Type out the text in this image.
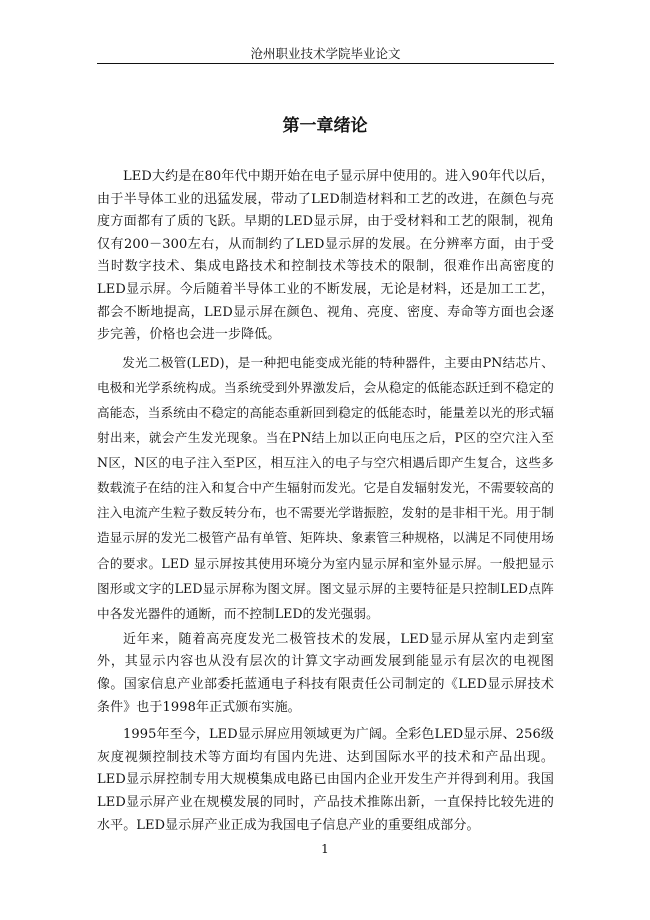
沧州职业技术学院毕业论文
第一章绪论

LED大约是在80年代中期开始在电子显示屏中使用的。进入90年代以后，由于半导体工业的迅猛发展，带动了LED制造材料和工艺的改进，在颜色与亮度方面都有了质的飞跃。早期的LED显示屏，由于受材料和工艺的限制，视角仅有200－300左右，从而制约了LED显示屏的发展。在分辨率方面，由于受当时数字技术、集成电路技术和控制技术等技术的限制，很难作出高密度的LED显示屏。今后随着半导体工业的不断发展，无论是材料，还是加工工艺，都会不断地提高，LED显示屏在颜色、视角、亮度、密度、寿命等方面也会逐步完善，价格也会进一步降低。

发光二极管(LED)，是一种把电能变成光能的特种器件，主要由PN结芯片、电极和光学系统构成。当系统受到外界激发后，会从稳定的低能态跃迁到不稳定的高能态，当系统由不稳定的高能态重新回到稳定的低能态时，能量差以光的形式辐射出来，就会产生发光现象。当在PN结上加以正向电压之后，P区的空穴注入至N区，N区的电子注入至P区，相互注入的电子与空穴相遇后即产生复合，这些多数载流子在结的注入和复合中产生辐射而发光。它是自发辐射发光，不需要较高的注入电流产生粒子数反转分布，也不需要光学谐振腔，发射的是非相干光。用于制造显示屏的发光二极管产品有单管、矩阵块、象素管三种规格，以满足不同使用场合的要求。LED 显示屏按其使用环境分为室内显示屏和室外显示屏。一般把显示图形或文字的LED显示屏称为图文屏。图文显示屏的主要特征是只控制LED点阵中各发光器件的通断，而不控制LED的发光强弱。

近年来，随着高亮度发光二极管技术的发展，LED显示屏从室内走到室外，其显示内容也从没有层次的计算文字动画发展到能显示有层次的电视图像。国家信息产业部委托蓝通电子科技有限责任公司制定的《LED显示屏技术条件》也于1998年正式颁布实施。

1995年至今，LED显示屏应用领域更为广阔。全彩色LED显示屏、256级灰度视频控制技术等方面均有国内先进、达到国际水平的技术和产品出现。LED显示屏控制专用大规模集成电路已由国内企业开发生产并得到利用。我国LED显示屏产业在规模发展的同时，产品技术推陈出新，一直保持比较先进的水平。LED显示屏产业正成为我国电子信息产业的重要组成部分。

1
